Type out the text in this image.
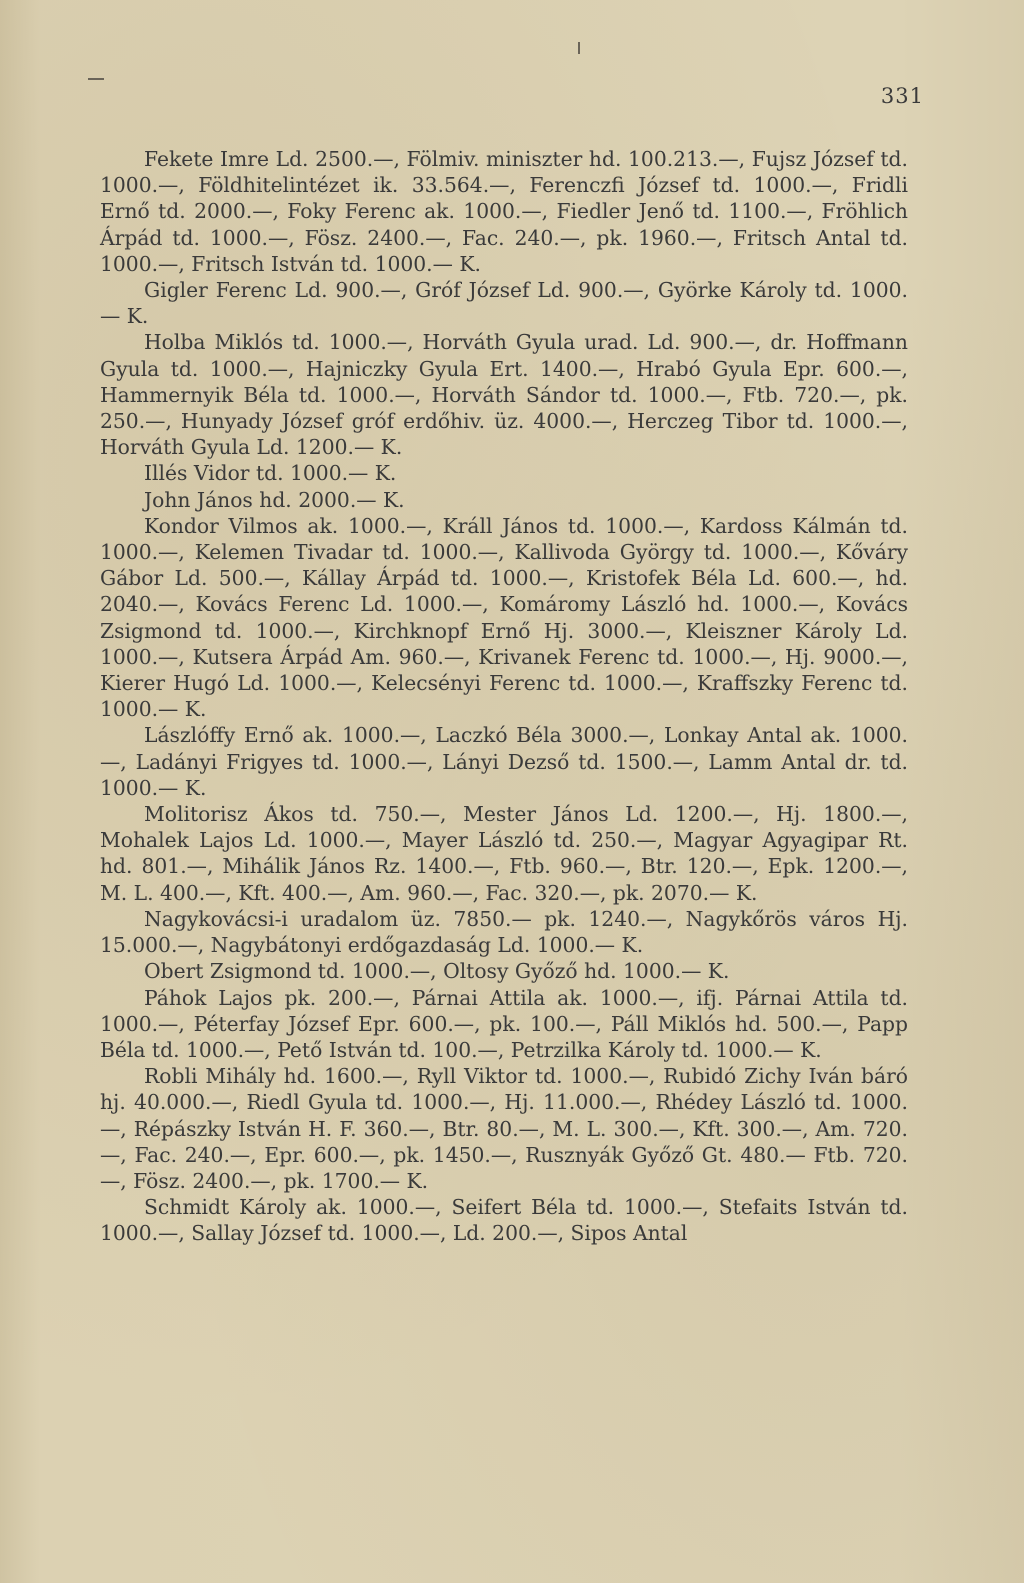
331

Fekete Imre Ld. 2500.—, Fölmiv. miniszter hd. 100.213.—, Fujsz József td. 1000.—, Földhitelintézet ik. 33.564.—, Ferenczfi József td. 1000.—, Fridli Ernő td. 2000.—, Foky Ferenc ak. 1000.—, Fiedler Jenő td. 1100.—, Fröhlich Árpád td. 1000.—, Fösz. 2400.—, Fac. 240.—, pk. 1960.—, Fritsch Antal td. 1000.—, Fritsch István td. 1000.— K.

Gigler Ferenc Ld. 900.—, Gróf József Ld. 900.—, Györke Károly td. 1000.— K.

Holba Miklós td. 1000.—, Horváth Gyula urad. Ld. 900.—, dr. Hoffmann Gyula td. 1000.—, Hajniczky Gyula Ert. 1400.—, Hrabó Gyula Epr. 600.—, Hammernyik Béla td. 1000.—, Horváth Sándor td. 1000.—, Ftb. 720.—, pk. 250.—, Hunyady József gróf erdőhiv. üz. 4000.—, Herczeg Tibor td. 1000.—, Horváth Gyula Ld. 1200.— K.

Illés Vidor td. 1000.— K.

John János hd. 2000.— K.

Kondor Vilmos ak. 1000.—, Králl János td. 1000.—, Kardoss Kálmán td. 1000.—, Kelemen Tivadar td. 1000.—, Kallivoda György td. 1000.—, Kőváry Gábor Ld. 500.—, Kállay Árpád td. 1000.—, Kristofek Béla Ld. 600.—, hd. 2040.—, Kovács Ferenc Ld. 1000.—, Komáromy László hd. 1000.—, Kovács Zsigmond td. 1000.—, Kirchknopf Ernő Hj. 3000.—, Kleiszner Károly Ld. 1000.—, Kutsera Árpád Am. 960.—, Krivanek Ferenc td. 1000.—, Hj. 9000.—, Kierer Hugó Ld. 1000.—, Kelecsényi Ferenc td. 1000.—, Kraffszky Ferenc td. 1000.— K.

Lászlóffy Ernő ak. 1000.—, Laczkó Béla 3000.—, Lonkay Antal ak. 1000.—, Ladányi Frigyes td. 1000.—, Lányi Dezső td. 1500.—, Lamm Antal dr. td. 1000.— K.

Molitorisz Ákos td. 750.—, Mester János Ld. 1200.—, Hj. 1800.—, Mohalek Lajos Ld. 1000.—, Mayer László td. 250.—, Magyar Agyagipar Rt. hd. 801.—, Mihálik János Rz. 1400.—, Ftb. 960.—, Btr. 120.—, Epk. 1200.—, M. L. 400.—, Kft. 400.—, Am. 960.—, Fac. 320.—, pk. 2070.— K.

Nagykovácsi-i uradalom üz. 7850.— pk. 1240.—, Nagykőrös város Hj. 15.000.—, Nagybátonyi erdőgazdaság Ld. 1000.— K.

Obert Zsigmond td. 1000.—, Oltosy Győző hd. 1000.— K.

Páhok Lajos pk. 200.—, Párnai Attila ak. 1000.—, ifj. Párnai Attila td. 1000.—, Péterfay József Epr. 600.—, pk. 100.—, Páll Miklós hd. 500.—, Papp Béla td. 1000.—, Pető István td. 100.—, Petrzilka Károly td. 1000.— K.

Robli Mihály hd. 1600.—, Ryll Viktor td. 1000.—, Rubidó Zichy Iván báró hj. 40.000.—, Riedl Gyula td. 1000.—, Hj. 11.000.—, Rhédey László td. 1000.—, Répászky István H. F. 360.—, Btr. 80.—, M. L. 300.—, Kft. 300.—, Am. 720.—, Fac. 240.—, Epr. 600.—, pk. 1450.—, Rusznyák Győző Gt. 480.— Ftb. 720.—, Fösz. 2400.—, pk. 1700.— K.

Schmidt Károly ak. 1000.—, Seifert Béla td. 1000.—, Stefaits István td. 1000.—, Sallay József td. 1000.—, Ld. 200.—, Sipos Antal
